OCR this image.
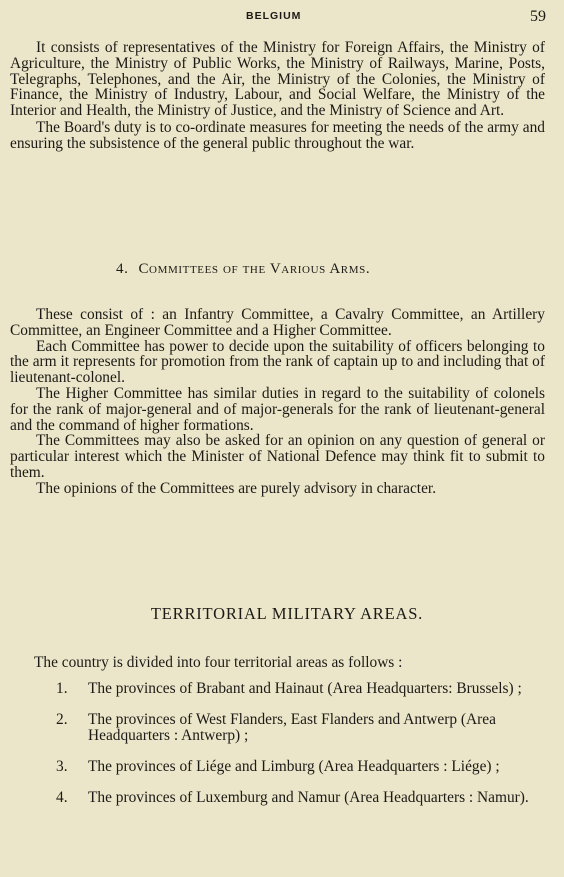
BELGIUM	59

It consists of representatives of the Ministry for Foreign Affairs, the Ministry of Agriculture, the Ministry of Public Works, the Ministry of Railways, Marine, Posts, Telegraphs, Telephones, and the Air, the Ministry of the Colonies, the Ministry of Finance, the Ministry of Industry, Labour, and Social Welfare, the Ministry of the Interior and Health, the Ministry of Justice, and the Ministry of Science and Art.

The Board's duty is to co-ordinate measures for meeting the needs of the army and ensuring the subsistence of the general public throughout the war.

4. Committees of the Various Arms.

These consist of : an Infantry Committee, a Cavalry Committee, an Artillery Committee, an Engineer Committee and a Higher Committee.

Each Committee has power to decide upon the suitability of officers belonging to the arm it represents for promotion from the rank of captain up to and including that of lieutenant-colonel.

The Higher Committee has similar duties in regard to the suitability of colonels for the rank of major-general and of major-generals for the rank of lieutenant-general and the command of higher formations.

The Committees may also be asked for an opinion on any question of general or particular interest which the Minister of National Defence may think fit to submit to them.

The opinions of the Committees are purely advisory in character.

TERRITORIAL MILITARY AREAS.
The country is divided into four territorial areas as follows :
1. The provinces of Brabant and Hainaut (Area Headquarters: Brussels) ;
2. The provinces of West Flanders, East Flanders and Antwerp (Area Headquarters : Antwerp) ;
3. The provinces of Liége and Limburg (Area Headquarters : Liége) ;
4. The provinces of Luxemburg and Namur (Area Headquarters : Namur).
